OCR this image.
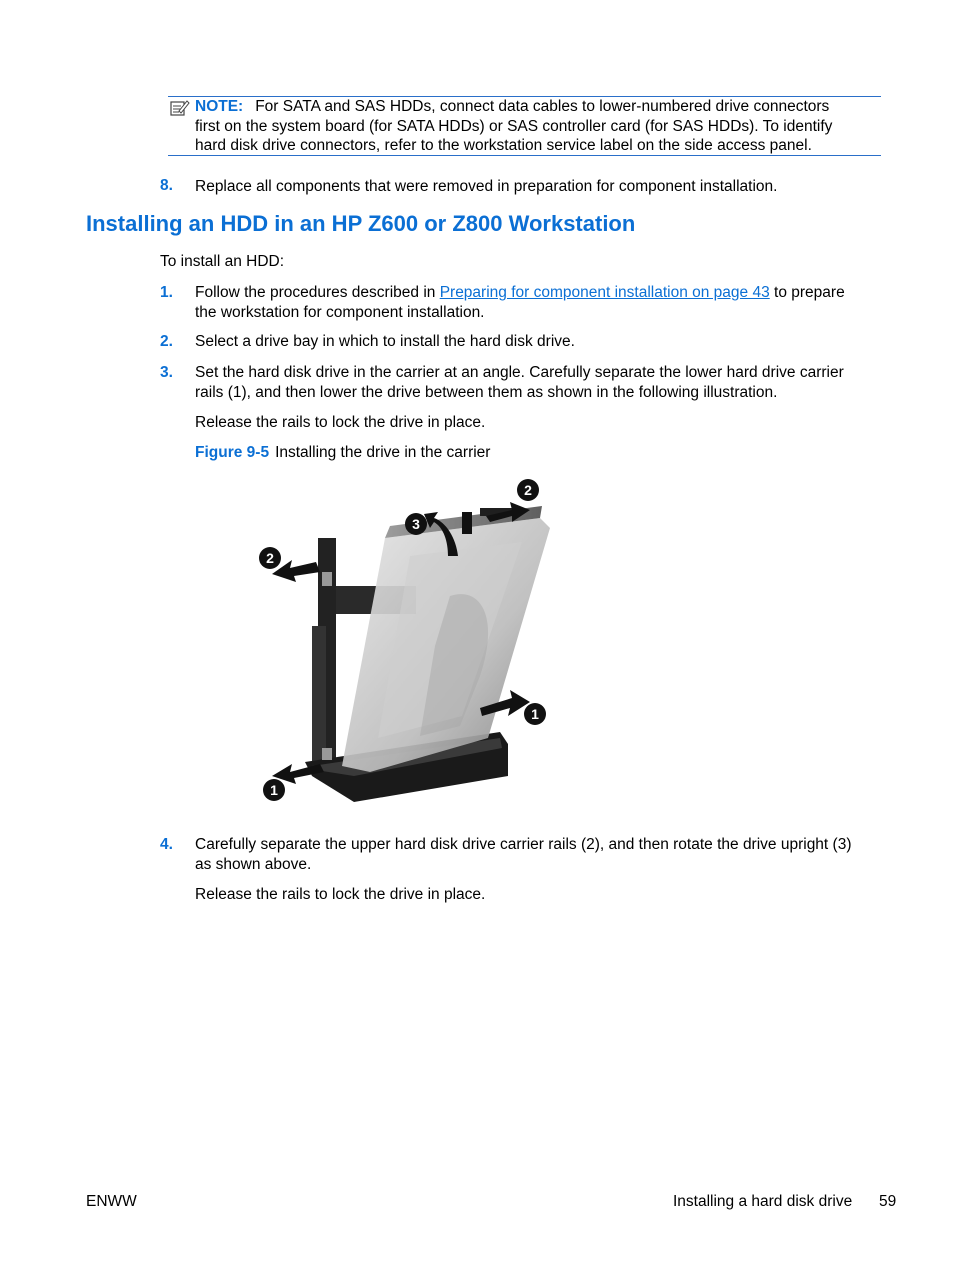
NOTE: For SATA and SAS HDDs, connect data cables to lower-numbered drive connectors
first on the system board (for SATA HDDs) or SAS controller card (for SAS HDDs). To identify
hard disk drive connectors, refer to the workstation service label on the side access panel.
8. Replace all components that were removed in preparation for component installation.
Installing an HDD in an HP Z600 or Z800 Workstation
To install an HDD:
1. Follow the procedures described in Preparing for component installation on page 43 to prepare
the workstation for component installation.
2. Select a drive bay in which to install the hard disk drive.
3. Set the hard disk drive in the carrier at an angle. Carefully separate the lower hard drive carrier
rails (1), and then lower the drive between them as shown in the following illustration.
Release the rails to lock the drive in place.
Figure 9-5 Installing the drive in the carrier
1
1
2
2
3
4. Carefully separate the upper hard disk drive carrier rails (2), and then rotate the drive upright (3)
as shown above.
Release the rails to lock the drive in place.
ENWW	Installing a hard disk drive 59
